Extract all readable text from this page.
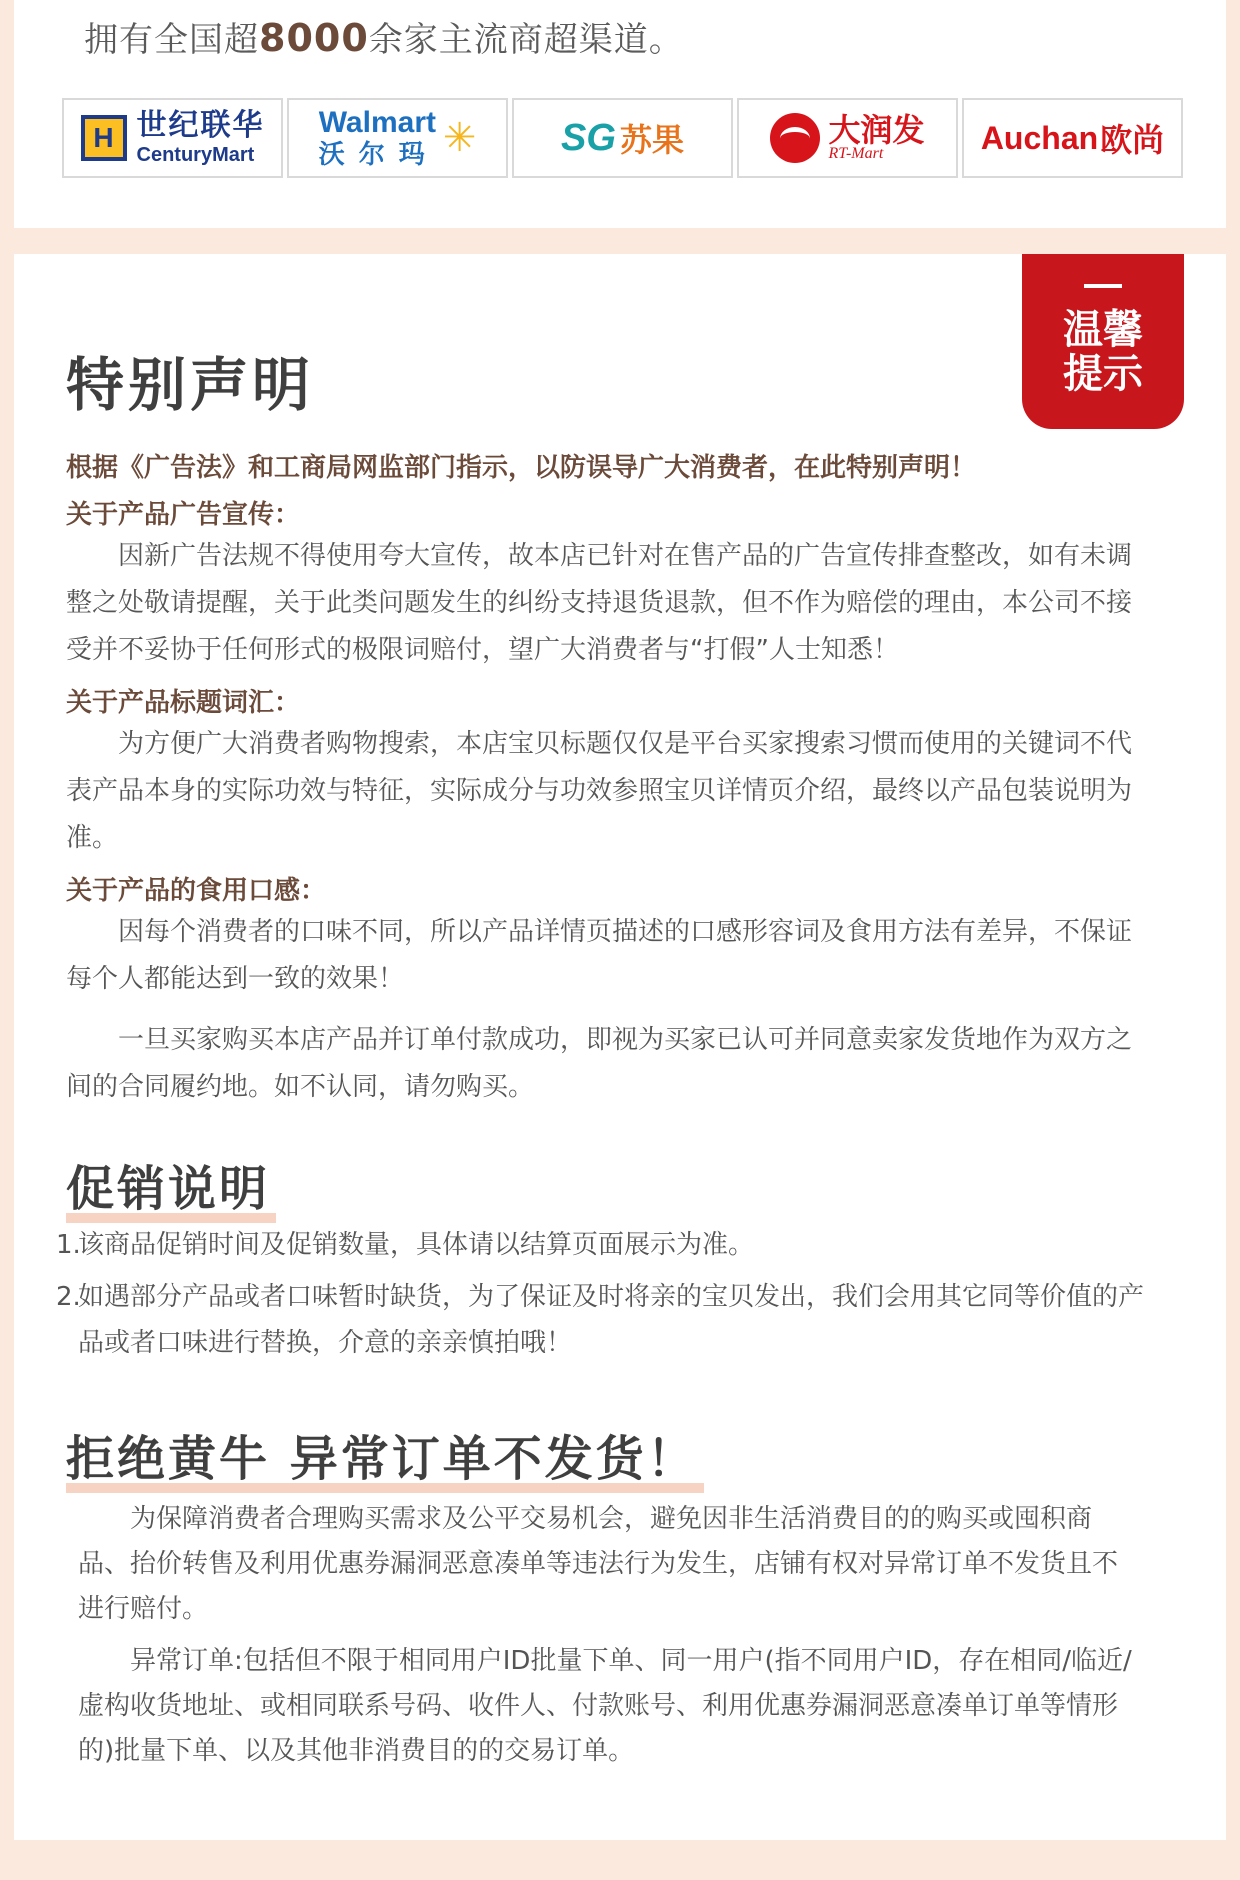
拥有全国超8000余家主流商超渠道。
H 世纪联华
CenturyMart
Walmart
沃尔玛 ✳ SG 苏果	大润发
RT-Mart	Auchan 欧尚
温馨提示
特别声明
根据《广告法》和工商局网监部门指示，以防误导广大消费者，在此特别声明！
关于产品广告宣传：
因新广告法规不得使用夸大宣传，故本店已针对在售产品的广告宣传排查整改，如有未调整之处敬请提醒，关于此类问题发生的纠纷支持退货退款，但不作为赔偿的理由，本公司不接受并不妥协于任何形式的极限词赔付，望广大消费者与“打假”人士知悉！
关于产品标题词汇：
为方便广大消费者购物搜索，本店宝贝标题仅仅是平台买家搜索习惯而使用的关键词不代表产品本身的实际功效与特征，实际成分与功效参照宝贝详情页介绍，最终以产品包装说明为准。
关于产品的食用口感：
因每个消费者的口味不同，所以产品详情页描述的口感形容词及食用方法有差异，不保证每个人都能达到一致的效果！
一旦买家购买本店产品并订单付款成功，即视为买家已认可并同意卖家发货地作为双方之间的合同履约地。如不认同，请勿购买。
促销说明
1.
该商品促销时间及促销数量，具体请以结算页面展示为准。
2.
如遇部分产品或者口味暂时缺货，为了保证及时将亲的宝贝发出，我们会用其它同等价值的产品或者口味进行替换，介意的亲亲慎拍哦！
拒绝黄牛 异常订单不发货！
为保障消费者合理购买需求及公平交易机会，避免因非生活消费目的的购买或囤积商品、抬价转售及利用优惠券漏洞恶意凑单等违法行为发生，店铺有权对异常订单不发货且不进行赔付。
异常订单:包括但不限于相同用户ID批量下单、同一用户(指不同用户ID，存在相同/临近/虚构收货地址、或相同联系号码、收件人、付款账号、利用优惠券漏洞恶意凑单订单等情形的)批量下单、以及其他非消费目的的交易订单。
